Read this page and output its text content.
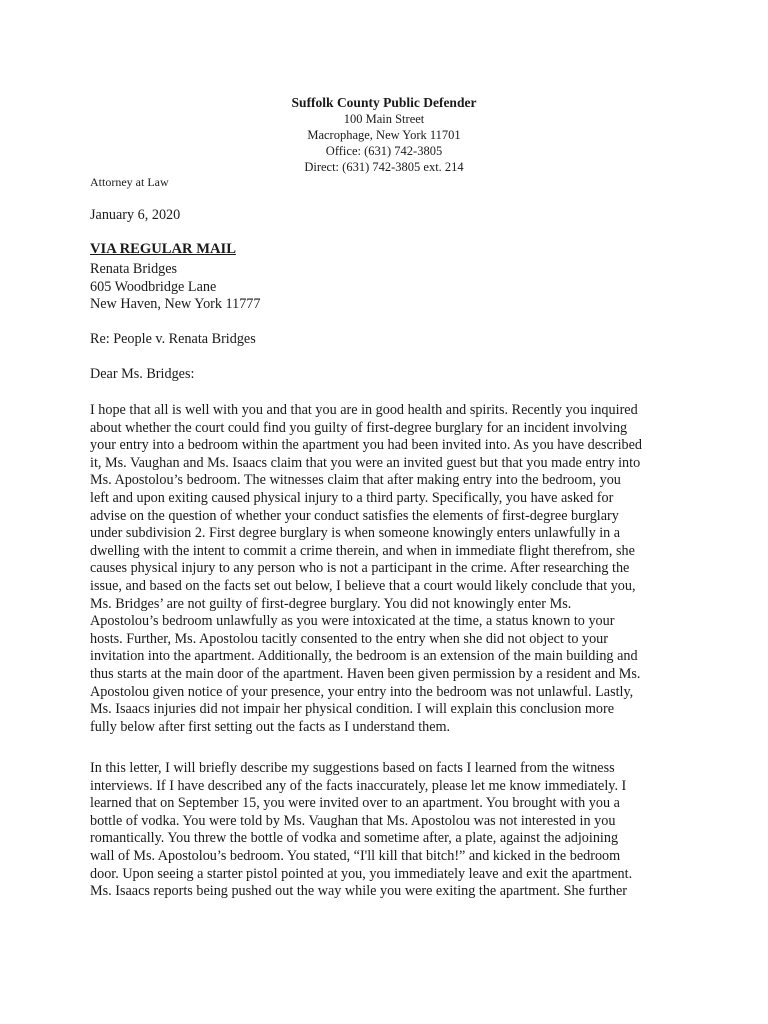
Suffolk County Public Defender
100 Main Street
Macrophage, New York 11701
Office: (631) 742-3805
Direct: (631) 742-3805 ext. 214
Attorney at Law
January 6, 2020
VIA REGULAR MAIL
Renata Bridges
605 Woodbridge Lane
New Haven, New York 11777
Re: People v. Renata Bridges
Dear Ms. Bridges:
I hope that all is well with you and that you are in good health and spirits. Recently you inquired
about whether the court could find you guilty of first-degree burglary for an incident involving
your entry into a bedroom within the apartment you had been invited into. As you have described
it, Ms. Vaughan and Ms. Isaacs claim that you were an invited guest but that you made entry into
Ms. Apostolou’s bedroom. The witnesses claim that after making entry into the bedroom, you
left and upon exiting caused physical injury to a third party. Specifically, you have asked for
advise on the question of whether your conduct satisfies the elements of first-degree burglary
under subdivision 2. First degree burglary is when someone knowingly enters unlawfully in a
dwelling with the intent to commit a crime therein, and when in immediate flight therefrom, she
causes physical injury to any person who is not a participant in the crime. After researching the
issue, and based on the facts set out below, I believe that a court would likely conclude that you,
Ms. Bridges’ are not guilty of first-degree burglary. You did not knowingly enter Ms.
Apostolou’s bedroom unlawfully as you were intoxicated at the time, a status known to your
hosts. Further, Ms. Apostolou tacitly consented to the entry when she did not object to your
invitation into the apartment. Additionally, the bedroom is an extension of the main building and
thus starts at the main door of the apartment. Haven been given permission by a resident and Ms.
Apostolou given notice of your presence, your entry into the bedroom was not unlawful. Lastly,
Ms. Isaacs injuries did not impair her physical condition. I will explain this conclusion more
fully below after first setting out the facts as I understand them.
In this letter, I will briefly describe my suggestions based on facts I learned from the witness
interviews. If I have described any of the facts inaccurately, please let me know immediately. I
learned that on September 15, you were invited over to an apartment. You brought with you a
bottle of vodka. You were told by Ms. Vaughan that Ms. Apostolou was not interested in you
romantically. You threw the bottle of vodka and sometime after, a plate, against the adjoining
wall of Ms. Apostolou’s bedroom. You stated, “I'll kill that bitch!” and kicked in the bedroom
door. Upon seeing a starter pistol pointed at you, you immediately leave and exit the apartment.
Ms. Isaacs reports being pushed out the way while you were exiting the apartment. She further
